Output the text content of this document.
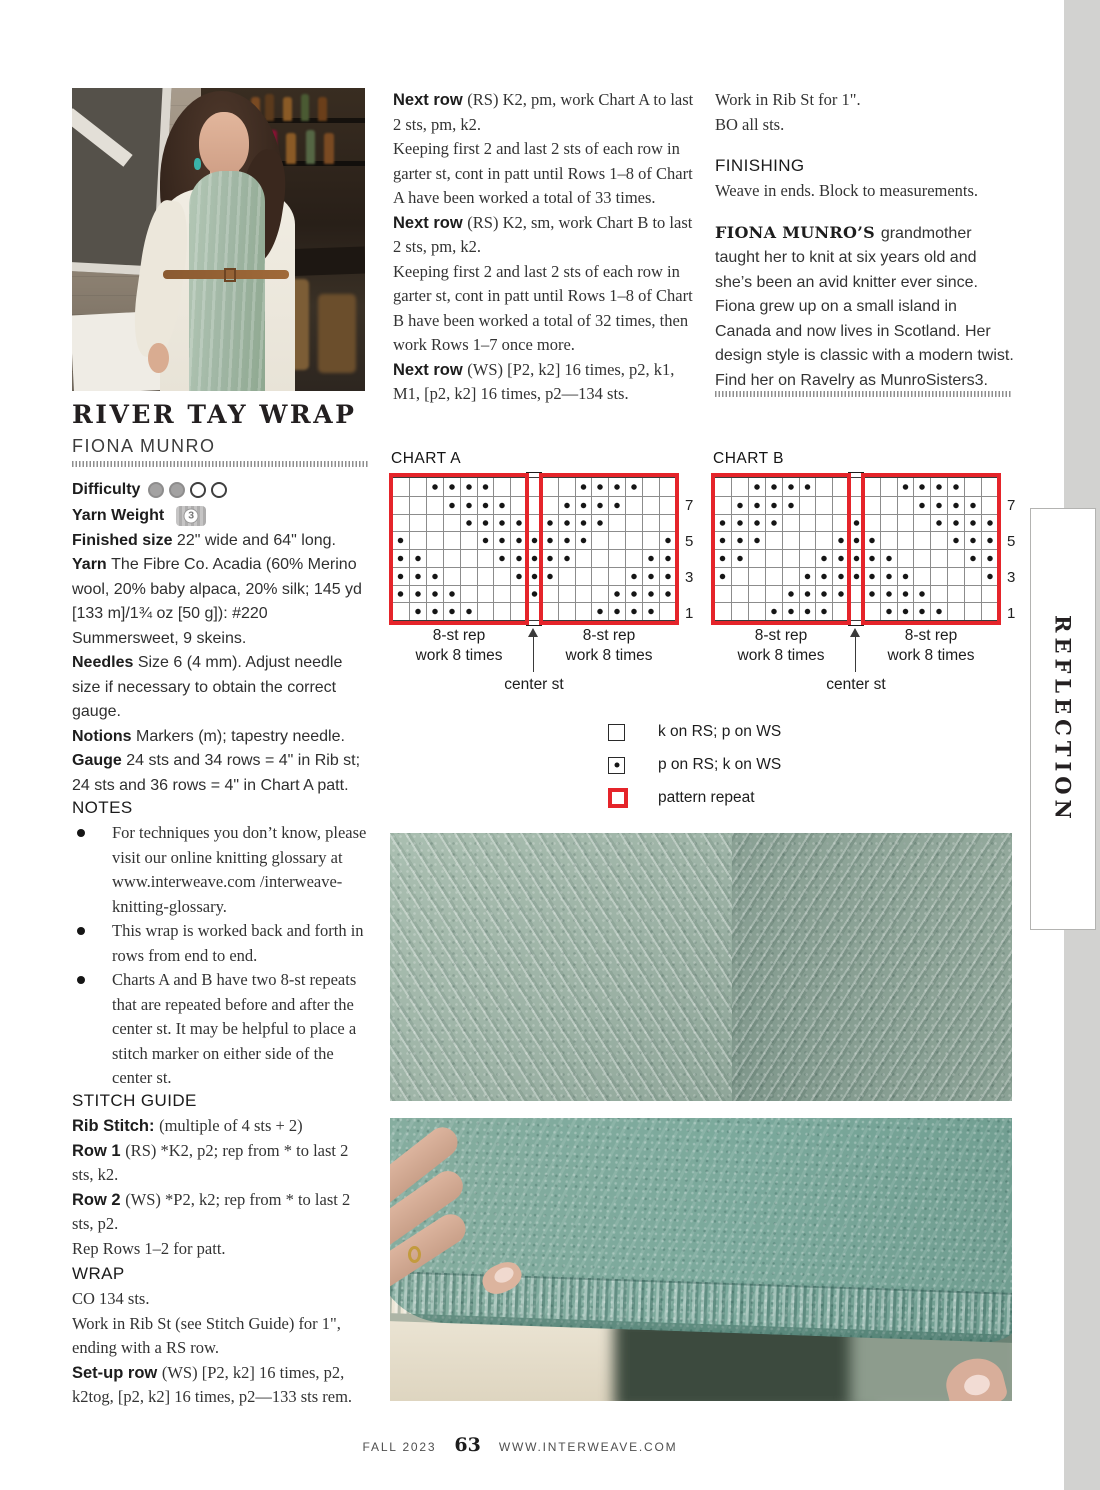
REFLECTION
RIVER TAY WRAP
FIONA MUNRO
Difficulty
Yarn Weight	3

Finished size 22" wide and 64" long.

Yarn The Fibre Co. Acadia (60% Merino wool, 20% baby alpaca, 20% silk; 145 yd [133 m]/1¾ oz [50 g]): #220 Summersweet, 9 skeins.

Needles Size 6 (4 mm). Adjust needle size if necessary to obtain the correct gauge.

Notions Markers (m); tapestry needle.

Gauge 24 sts and 34 rows = 4" in Rib st; 24 sts and 36 rows = 4" in Chart A patt.

NOTES
For techniques you don’t know, please visit our online knitting glossary at www.interweave.com /interweave-knitting-glossary.
This wrap is worked back and forth in rows from end to end.
Charts A and B have two 8-st repeats that are repeated before and after the center st. It may be helpful to place a stitch marker on either side of the center st.
STITCH GUIDE

Rib Stitch: (multiple of 4 sts + 2)

Row 1 (RS) *K2, p2; rep from * to last 2 sts, k2.

Row 2 (WS) *P2, k2; rep from * to last 2 sts, p2.

Rep Rows 1–2 for patt.

WRAP

CO 134 sts.

Work in Rib St (see Stitch Guide) for 1", ending with a RS row.

Set-up row (WS) [P2, k2] 16 times, p2, k2tog, [p2, k2] 16 times, p2—133 sts rem.

Next row (RS) K2, pm, work Chart A to last 2 sts, pm, k2.

Keeping first 2 and last 2 sts of each row in garter st, cont in patt until Rows 1–8 of Chart A have been worked a total of 33 times.

Next row (RS) K2, sm, work Chart B to last 2 sts, pm, k2.

Keeping first 2 and last 2 sts of each row in garter st, cont in patt until Rows 1–8 of Chart B have been worked a total of 32 times, then work Rows 1–7 once more.

Next row (WS) [P2, k2] 16 times, p2, k1, M1, [p2, k2] 16 times, p2—134 sts.

Work in Rib St for 1".

BO all sts.

FINISHING

Weave in ends. Block to measurements.

FIONA MUNRO’S grandmother taught her to knit at six years old and she’s been an avid knitter ever since. Fiona grew up on a small island in Canada and now lives in Scotland. Her design style is classic with a modern twist. Find her on Ravelry as MunroSisters3.

CHART A
7
5
3
1
8-st rep
work 8 times
8-st rep
work 8 times
center st
CHART B
7
5
3
1
8-st rep
work 8 times
8-st rep
work 8 times
center st
k on RS; p on WS
p on RS; k on WS
pattern repeat
FALL 2023 63 WWW.INTERWEAVE.COM
